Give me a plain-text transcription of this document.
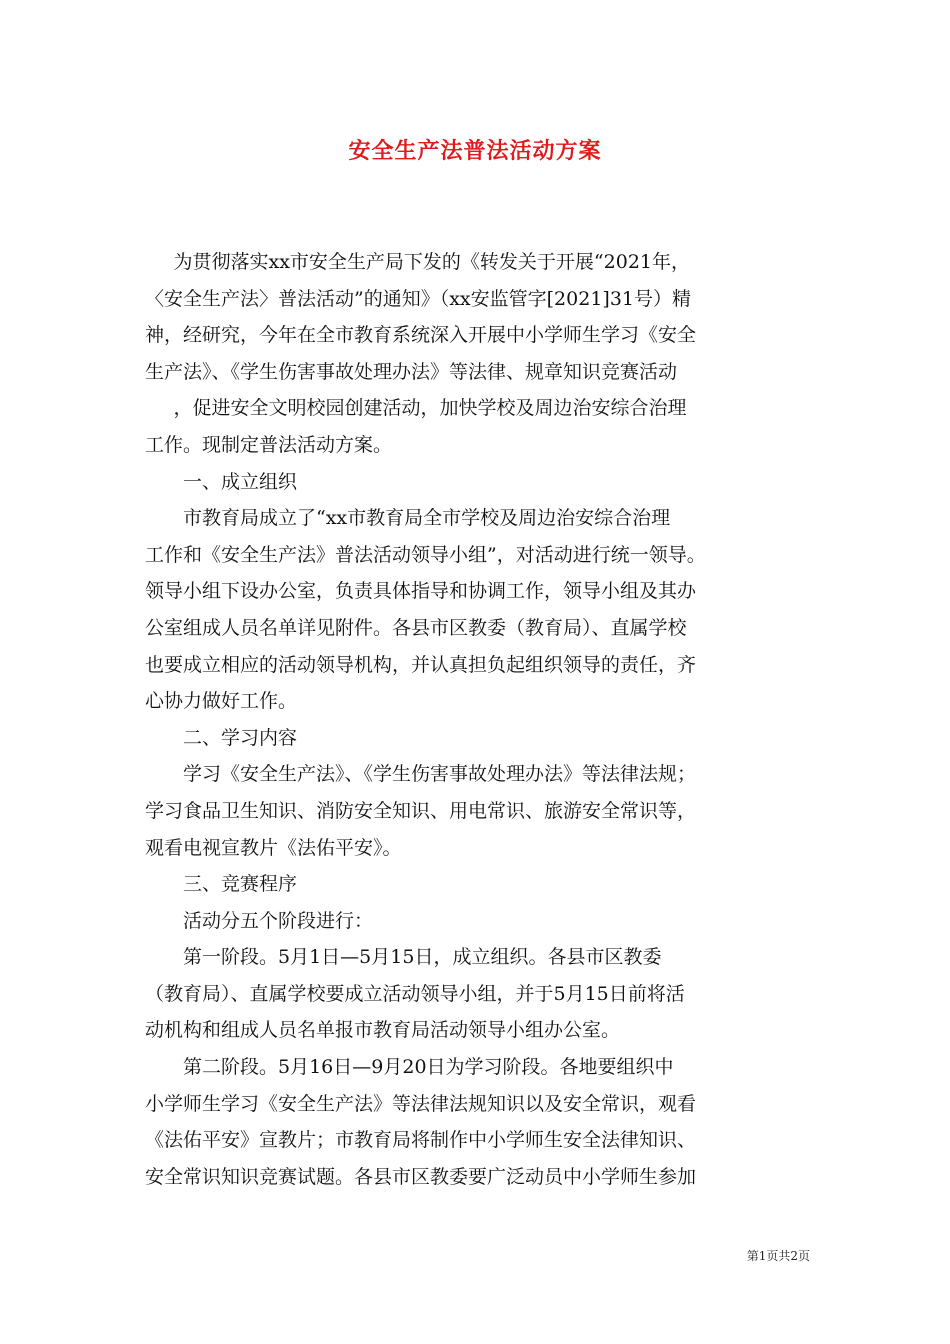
安全生产法普法活动方案
为贯彻落实xx市安全生产局下发的《转发关于开展“2021年，
〈安全生产法〉普法活动”的通知》（xx安监管字[2021]31号）精
神，经研究，今年在全市教育系统深入开展中小学师生学习《安全
生产法》、《学生伤害事故处理办法》等法律、规章知识竞赛活动
，促进安全文明校园创建活动，加快学校及周边治安综合治理
工作。现制定普法活动方案。
一、成立组织
市教育局成立了“xx市教育局全市学校及周边治安综合治理
工作和《安全生产法》普法活动领导小组”，对活动进行统一领导。
领导小组下设办公室，负责具体指导和协调工作，领导小组及其办
公室组成人员名单详见附件。各县市区教委（教育局）、直属学校
也要成立相应的活动领导机构，并认真担负起组织领导的责任，齐
心协力做好工作。
二、学习内容
学习《安全生产法》、《学生伤害事故处理办法》等法律法规；
学习食品卫生知识、消防安全知识、用电常识、旅游安全常识等，
观看电视宣教片《法佑平安》。
三、竞赛程序
活动分五个阶段进行：
第一阶段。5月1日—5月15日，成立组织。各县市区教委
（教育局）、直属学校要成立活动领导小组，并于5月15日前将活
动机构和组成人员名单报市教育局活动领导小组办公室。
第二阶段。5月16日—9月20日为学习阶段。各地要组织中
小学师生学习《安全生产法》等法律法规知识以及安全常识，观看
《法佑平安》宣教片；市教育局将制作中小学师生安全法律知识、
安全常识知识竞赛试题。各县市区教委要广泛动员中小学师生参加
第1页共2页
